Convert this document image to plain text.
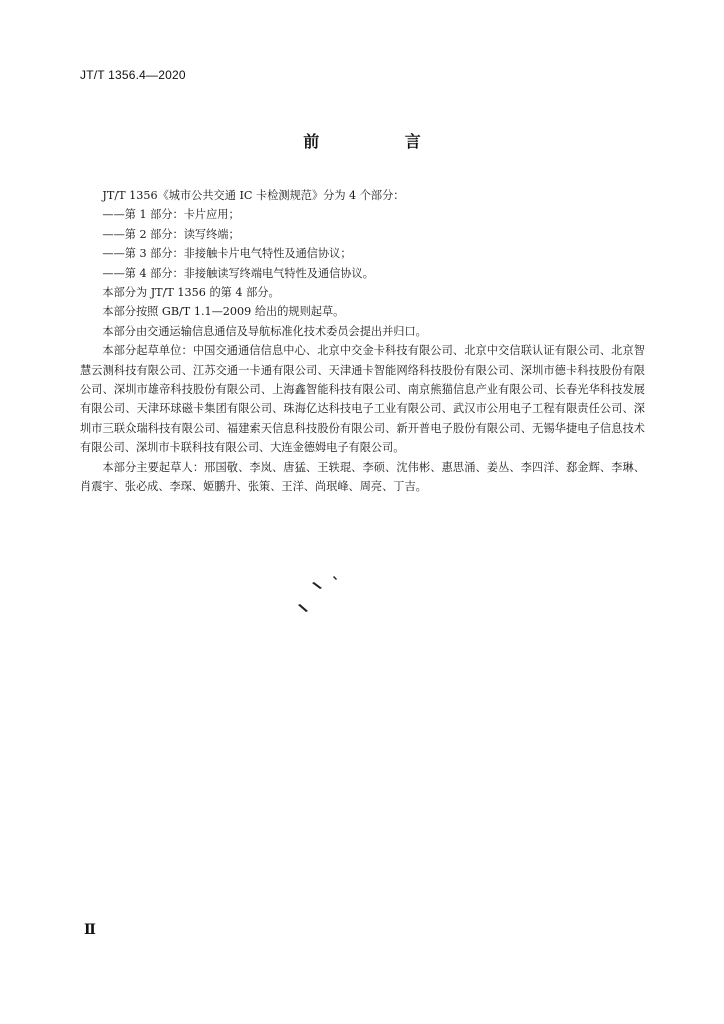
JT/T 1356.4—2020
前 言

JT/T 1356《城市公共交通 IC 卡检测规范》分为 4 个部分：

——第 1 部分：卡片应用；

——第 2 部分：读写终端；

——第 3 部分：非接触卡片电气特性及通信协议；

——第 4 部分：非接触读写终端电气特性及通信协议。

本部分为 JT/T 1356 的第 4 部分。

本部分按照 GB/T 1.1—2009 给出的规则起草。

本部分由交通运输信息通信及导航标准化技术委员会提出并归口。

本部分起草单位：中国交通通信信息中心、北京中交金卡科技有限公司、北京中交信联认证有限公司、北京智慧云测科技有限公司、江苏交通一卡通有限公司、天津通卡智能网络科技股份有限公司、深圳市德卡科技股份有限公司、深圳市雄帝科技股份有限公司、上海鑫智能科技有限公司、南京熊猫信息产业有限公司、长春光华科技发展有限公司、天津环球磁卡集团有限公司、珠海亿达科技电子工业有限公司、武汉市公用电子工程有限责任公司、深圳市三联众瑞科技有限公司、福建索天信息科技股份有限公司、新开普电子股份有限公司、无锡华捷电子信息技术有限公司、深圳市卡联科技有限公司、大连金德姆电子有限公司。

本部分主要起草人：邢国敬、李岚、唐猛、王轶琨、李硕、沈伟彬、惠思涌、姜丛、李四洋、郄金辉、李琳、肖震宇、张必成、李琛、姬鹏升、张策、王洋、尚珉峰、周亮、丁吉。

Ⅱ
